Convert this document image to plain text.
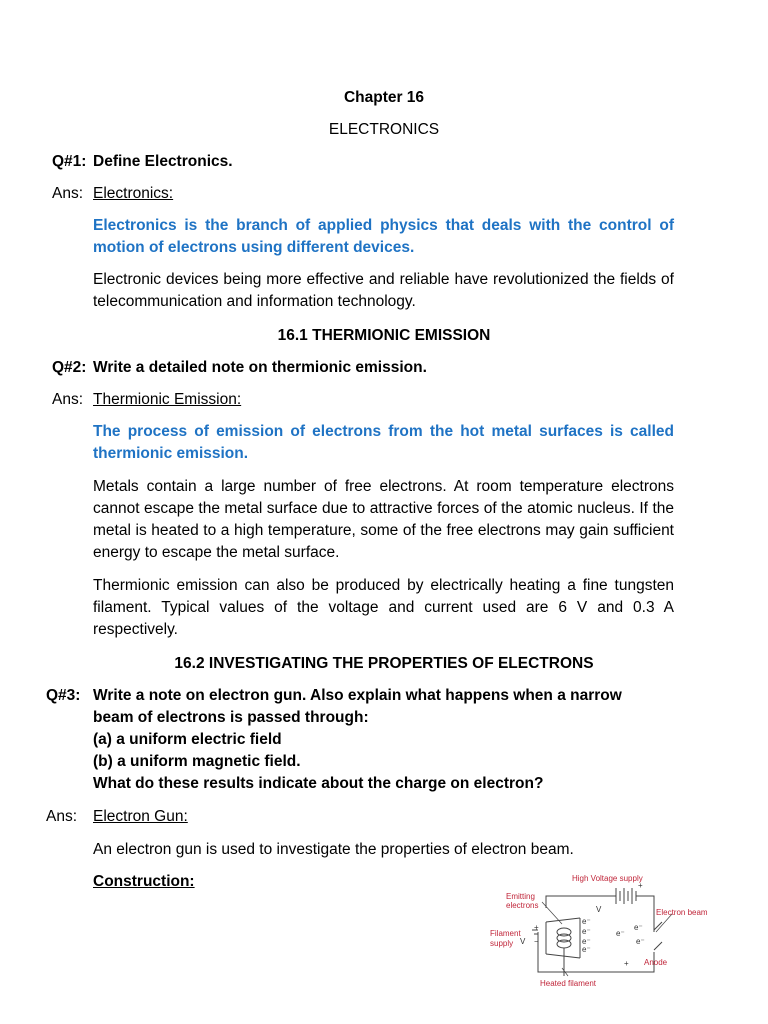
Chapter 16
ELECTRONICS
Q#1: Define Electronics.
Ans: Electronics:
Electronics is the branch of applied physics that deals with the control of motion of electrons using different devices.
Electronic devices being more effective and reliable have revolutionized the fields of telecommunication and information technology.
16.1 THERMIONIC EMISSION
Q#2: Write a detailed note on thermionic emission.
Ans: Thermionic Emission:
The process of emission of electrons from the hot metal surfaces is called thermionic emission.
Metals contain a large number of free electrons. At room temperature electrons cannot escape the metal surface due to attractive forces of the atomic nucleus. If the metal is heated to a high temperature, some of the free electrons may gain sufficient energy to escape the metal surface.
Thermionic emission can also be produced by electrically heating a fine tungsten filament. Typical values of the voltage and current used are 6 V and 0.3 A respectively.
16.2 INVESTIGATING THE PROPERTIES OF ELECTRONS
Q#3: Write a note on electron gun. Also explain what happens when a narrow
beam of electrons is passed through:
(a) a uniform electric field
(b) a uniform magnetic field.
What do these results indicate about the charge on electron?
Ans: Electron Gun:
An electron gun is used to investigate the properties of electron beam.
Construction:	High Voltage supply
Emitting
electrons
Electron beam
Filament
supply
Anode
Heated filament
V
V
+
+
+
−
e⁻
e⁻
e⁻
e⁻
e⁻
e⁻
e⁻
